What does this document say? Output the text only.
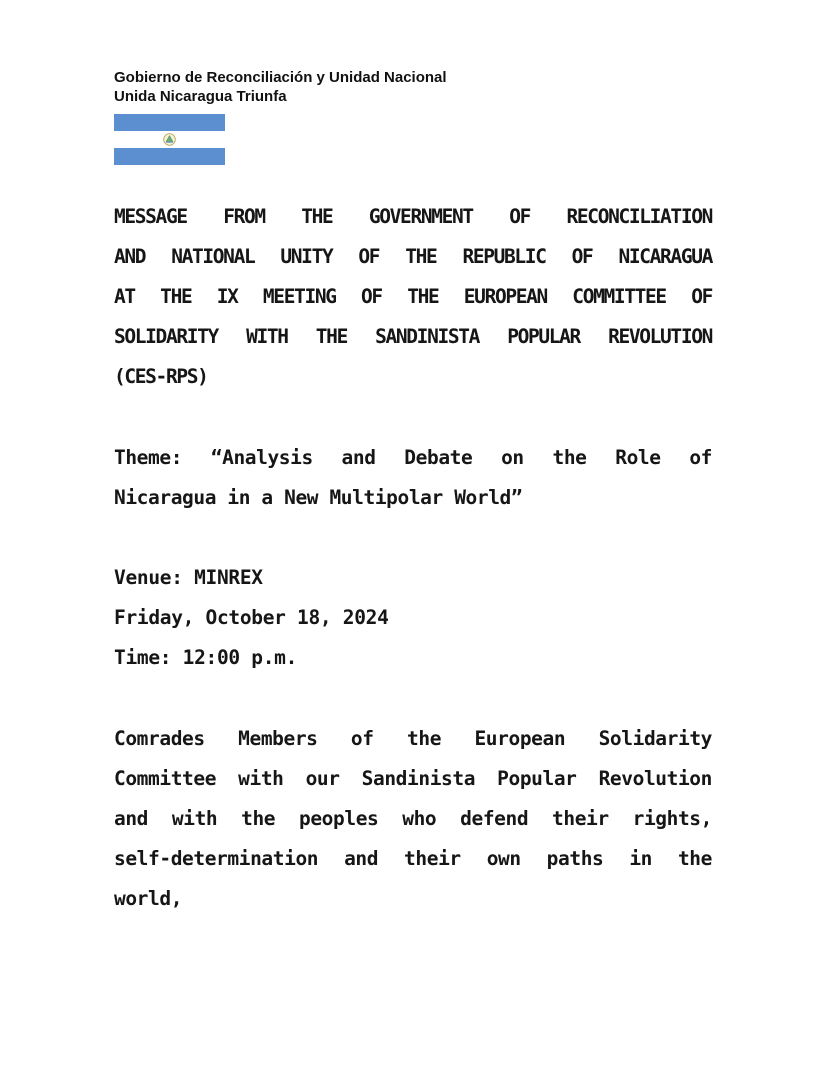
Gobierno de Reconciliación y Unidad Nacional
Unida Nicaragua Triunfa
MESSAGE FROM THE GOVERNMENT OF RECONCILIATION
AND NATIONAL UNITY OF THE REPUBLIC OF NICARAGUA
AT THE IX MEETING OF THE EUROPEAN COMMITTEE OF
SOLIDARITY WITH THE SANDINISTA POPULAR REVOLUTION
(CES-RPS)
Theme: “Analysis and Debate on the Role of
Nicaragua in a New Multipolar World”
Venue: MINREX
Friday, October 18, 2024
Time: 12:00 p.m.
Comrades Members of the European Solidarity
Committee with our Sandinista Popular Revolution
and with the peoples who defend their rights,
self-determination and their own paths in the
world,
